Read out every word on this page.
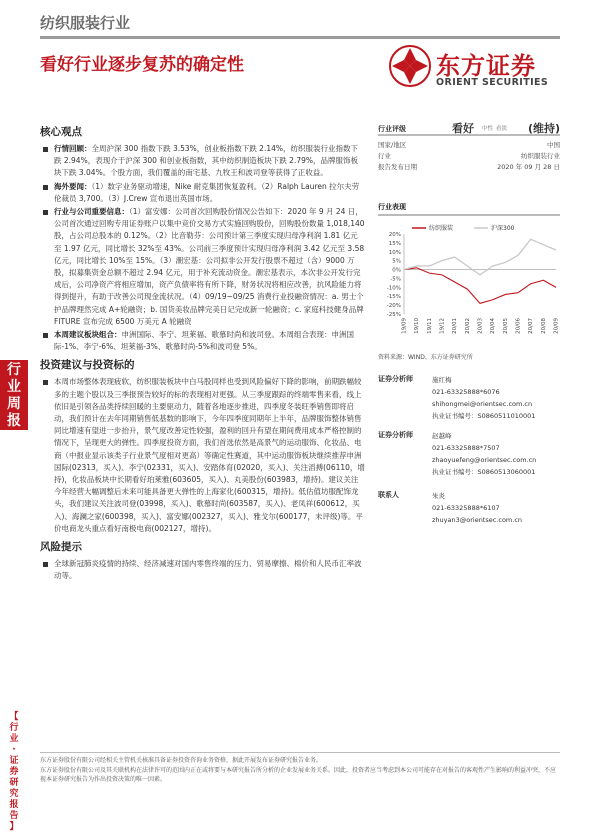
纺织服装行业
看好行业逐步复苏的确定性	东方证券
ORIENT SECURITIES
行
业
周
报
【
行
业
·
证
券
研
究
报
告
】
核心观点
行情回顾：全周沪深 300 指数下跌 3.53%，创业板指数下跌 2.14%，纺织服装行业指数下跌 2.94%，表现介于沪深 300 和创业板指数，其中纺织制造板块下跌 2.79%，品牌服饰板块下跌 3.04%。个股方面，我们覆盖的南宅基、九牧王和波司登等获得了正收益。
海外要闻：（1）数字业务驱动增速，Nike 耐克集团恢复盈利。（2）Ralph Lauren 拉尔夫劳伦裁员 3,700。（3）J.Crew 宣布退出英国市场。
行业与公司重要信息：（1）富安娜：公司首次回购股份情况公告如下：2020 年 9 月 24 日，公司首次通过回购专用证券账户以集中竞价交易方式实施回购股份，回购股份数量 1,018,140 股，占公司总股本的 0.12%。（2）比音勒芬：公司预计第三季度实现归母净利润 1.81 亿元至 1.97 亿元，同比增长 32%至 43%。公司前三季度预计实现归母净利润 3.42 亿元至 3.58 亿元，同比增长 10%至 15%。（3）潮宏基：公司拟非公开发行股票不超过（含）9000 万股，拟募集资金总额不超过 2.94 亿元，用于补充流动资金。潮宏基表示，本次非公开发行完成后，公司净资产将相应增加，资产负债率将有所下降，财务状况将相应改善，抗风险能力将得到提升，有助于改善公司现金流状况。（4）09/19~09/25 消费行业投融资情况：a. 男士个护品牌理然完成 A+轮融资；b. 国货美妆品牌完美日记完成新一轮融资；c. 家庭科技健身品牌 FITURE 宣布完成 6500 万美元 A 轮融资
本周建议板块组合：申洲国际、李宁、坦莱福、歌慕时尚和波司登。本周组合表现：申洲国际-1%、李宁-6%、坦莱福-3%、歌慕时尚-5%和波司登 5%。
投资建议与投资标的
本周市场整体表现疲软，纺织服装板块中白马股同样也受到风险偏好下降的影响，前期跌幅较多的主题个股以及三季报预告较好的标的表现相对更强。从三季度跟踪的终端零售来看，线上依旧是引领各品类持续回暖的主要驱动力，随着各地逐步推进，四季度冬装旺季销售即将启动，我们预计在去年同期销售低基数的影响下，今年四季度同期年上半年，品牌服饰整体销售同比增速有望进一步抬升，景气度改善定性较强，盈利的回升有望在期间费用成本严格控制的情况下，呈现更大的弹性。四季度投资方面，我们首选依然是高景气的运动服饰、化妆品、电商（中报业显示该类子行业景气度相对更高）等确定性赛道，其中运动服饰板块继续推荐申洲国际(02313，买入)、李宁(02331，买入)、安踏体育(02020，买入)、关注滔搏(06110，增持)，化妆品板块中长期看好珀莱雅(603605，买入)、丸美股份(603983，增持)。建议关注今年经营大幅调整后未来可能具备更大弹性的上海家化(600315，增持)。低估值坊服配饰龙头，我们建议关注波司登(03998，买入)、歌慕时尚(603587，买入)、老凤祥(600612，买入)、海澜之家(600398，买入)、富安娜(002327，买入)、雅戈尔(600177，未评级)等。平价电商龙头重点看好南极电商(002127，增持)。
风险提示
全球新冠肺炎疫情的持续、经济减速对国内零售终端的压力、贸易摩擦、棉价和人民币汇率波动等。
行业评级	看好 中性 看淡 (维持)
国家/地区	中国
行业	纺织服装行业
报告发布日期	2020 年 09 月 28 日
行业表现
20%
15%
10%
5%
0%
-5%
-10%
-15%
-20%
-25%
19/09 19/10 19/11 19/12 20/01 20/02 20/03 20/04 20/05 20/06 20/07 20/08 20/09
纺织服装	沪深300
资料来源：WIND、东方证券研究所
证券分析师	施红梅
021-63325888*6076
shihongmei@orientsec.com.cn
执业证书编号：S0860511010001
证券分析师	赵越峰
021-63325888*7507
zhaoyuefeng@orientsec.com.cn
执业证书编号：S0860513060001
联系人	朱炎
021-63325888*6107
zhuyan3@orientsec.com.cn

东方证券股份有限公司经相关主管机关核准具备证券投资咨询业务资格，据此开展发布证券研究报告业务。

东方证券股份有限公司及其关联机构在法律许可的范围内正在或将要与本研究报告所分析的企业发展业务关系。因此，投资者应当考虑到本公司可能存在对报告的客观性产生影响的利益冲突，不应视本证券研究报告为作出投资决策的唯一因素。
